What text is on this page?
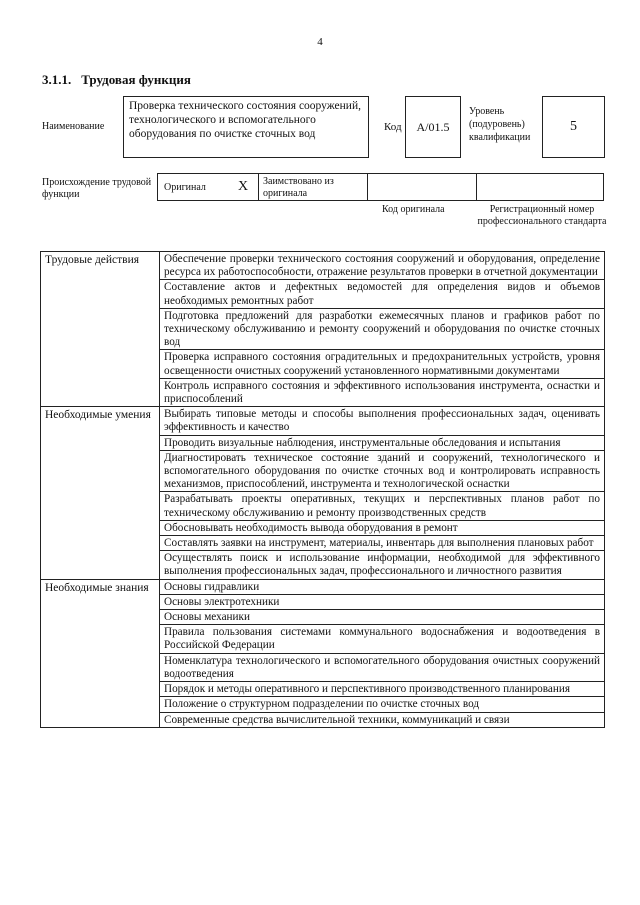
4
3.1.1. Трудовая функция
Наименование
Проверка технического состояния сооружений, технологического и вспомогательного оборудования по очистке сточных вод
Код	A/01.5
Уровень (подуровень) квалификации
5
Происхождение трудовой функции
Оригинал X Заимствовано из оригинала
Код оригинала	Регистрационный номер профессионального стандарта
Трудовые действия	Обеспечение проверки технического состояния сооружений и оборудования, определение ресурса их работоспособности, отражение результатов проверки в отчетной документации
	Составление актов и дефектных ведомостей для определения видов и объемов необходимых ремонтных работ
	Подготовка предложений для разработки ежемесячных планов и графиков работ по техническому обслуживанию и ремонту сооружений и оборудования по очистке сточных вод
	Проверка исправного состояния оградительных и предохранительных устройств, уровня освещенности очистных сооружений установленного нормативными документами
	Контроль исправного состояния и эффективного использования инструмента, оснастки и приспособлений
Необходимые умения	Выбирать типовые методы и способы выполнения профессиональных задач, оценивать эффективность и качество
	Проводить визуальные наблюдения, инструментальные обследования и испытания
	Диагностировать техническое состояние зданий и сооружений, технологического и вспомогательного оборудования по очистке сточных вод и контролировать исправность механизмов, приспособлений, инструмента и технологической оснастки
	Разрабатывать проекты оперативных, текущих и перспективных планов работ по техническому обслуживанию и ремонту производственных средств
	Обосновывать необходимость вывода оборудования в ремонт
	Составлять заявки на инструмент, материалы, инвентарь для выполнения плановых работ
	Осуществлять поиск и использование информации, необходимой для эффективного выполнения профессиональных задач, профессионального и личностного развития
Необходимые знания	Основы гидравлики
	Основы электротехники
	Основы механики
	Правила пользования системами коммунального водоснабжения и водоотведения в Российской Федерации
	Номенклатура технологического и вспомогательного оборудования очистных сооружений водоотведения
	Порядок и методы оперативного и перспективного производственного планирования
	Положение о структурном подразделении по очистке сточных вод
	Современные средства вычислительной техники, коммуникаций и связи
